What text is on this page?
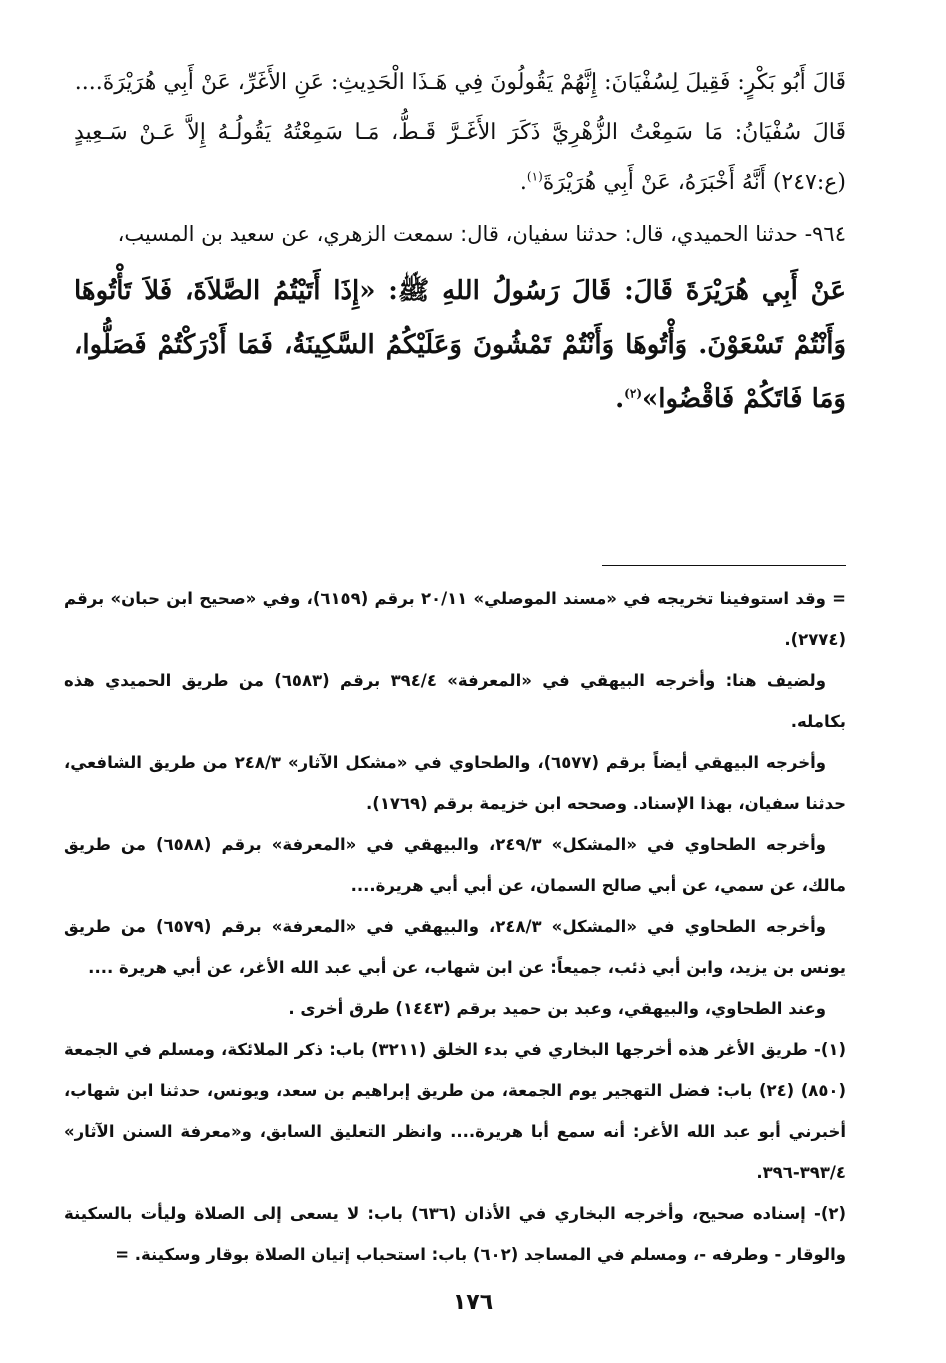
قَالَ أَبُو بَكْرٍ: فَقِيلَ لِسُفْيَانَ: إِنَّهُمْ يَقُولُونَ فِي هَـذَا الْحَدِيثِ: عَنِ الأَغَرِّ، عَنْ أَبِي هُرَيْرَةَ....

قَالَ سُفْيَانُ: مَا سَمِعْتُ الزُّهْرِيَّ ذَكَرَ الأَغَـرَّ قَـطُّ، مَـا سَمِعْتُهُ يَقُولُـهُ إِلاَّ عَـنْ سَـعِيدٍ (ع:٢٤٧) أَنَّهُ أَخْبَرَهُ، عَنْ أَبِي هُرَيْرَةَ$^{(١)}$.

٩٦٤- حدثنا الحميدي، قال: حدثنا سفيان، قال: سمعت الزهري، عن سعيد بن المسيب،

عَنْ أَبِي هُرَيْرَةَ قَالَ: قَالَ رَسُولُ اللهِ ﷺ: «إِذَا أَتَيْتُمُ الصَّلاَةَ، فَلاَ تَأْتُوهَا وَأَنْتُمْ تَسْعَوْنَ. وَأْتُوهَا وَأَنْتُمْ تَمْشُونَ وَعَلَيْكُمُ السَّكِينَةُ، فَمَا أَدْرَكْتُمْ فَصَلُّوا، وَمَا فَاتَكُمْ فَاقْضُوا»$^{(٢)}$.

= وقد استوفينا تخريجه في «مسند الموصلي» ٢٠/١١ برقم (٦١٥٩)، وفي «صحيح ابن حبان» برقم (٢٧٧٤).

ولضيف هنا: وأخرجه البيهقي في «المعرفة» ٣٩٤/٤ برقم (٦٥٨٣) من طريق الحميدي هذه بكامله.

وأخرجه البيهقي أيضاً برقم (٦٥٧٧)، والطحاوي في «مشكل الآثار» ٢٤٨/٣ من طريق الشافعي، حدثنا سفيان، بهذا الإسناد. وصححه ابن خزيمة برقم (١٧٦٩).

وأخرجه الطحاوي في «المشكل» ٢٤٩/٣، والبيهقي في «المعرفة» برقم (٦٥٨٨) من طريق مالك، عن سمي، عن أبي صالح السمان، عن أبي أبي هريرة....

وأخرجه الطحاوي في «المشكل» ٢٤٨/٣، والبيهقي في «المعرفة» برقم (٦٥٧٩) من طريق يونس بن يزيد، وابن أبي ذئب، جميعاً: عن ابن شهاب، عن أبي عبد الله الأغر، عن أبي هريرة ....

وعند الطحاوي، والبيهقي، وعبد بن حميد برقم (١٤٤٣) طرق أخرى .

(١)- طريق الأغر هذه أخرجها البخاري في بدء الخلق (٣٢١١) باب: ذكر الملائكة، ومسلم في الجمعة (٨٥٠) (٢٤) باب: فضل التهجير يوم الجمعة، من طريق إبراهيم بن سعد، ويونس، حدثنا ابن شهاب، أخبرني أبو عبد الله الأغر: أنه سمع أبا هريرة.... وانظر التعليق السابق، و«معرفة السنن الآثار» ٣٩٣/٤-٣٩٦.

(٢)- إسناده صحيح، وأخرجه البخاري في الأذان (٦٣٦) باب: لا يسعى إلى الصلاة وليأت بالسكينة والوقار - وطرفه -، ومسلم في المساجد (٦٠٢) باب: استحباب إتيان الصلاة بوقار وسكينة. =

١٧٦
